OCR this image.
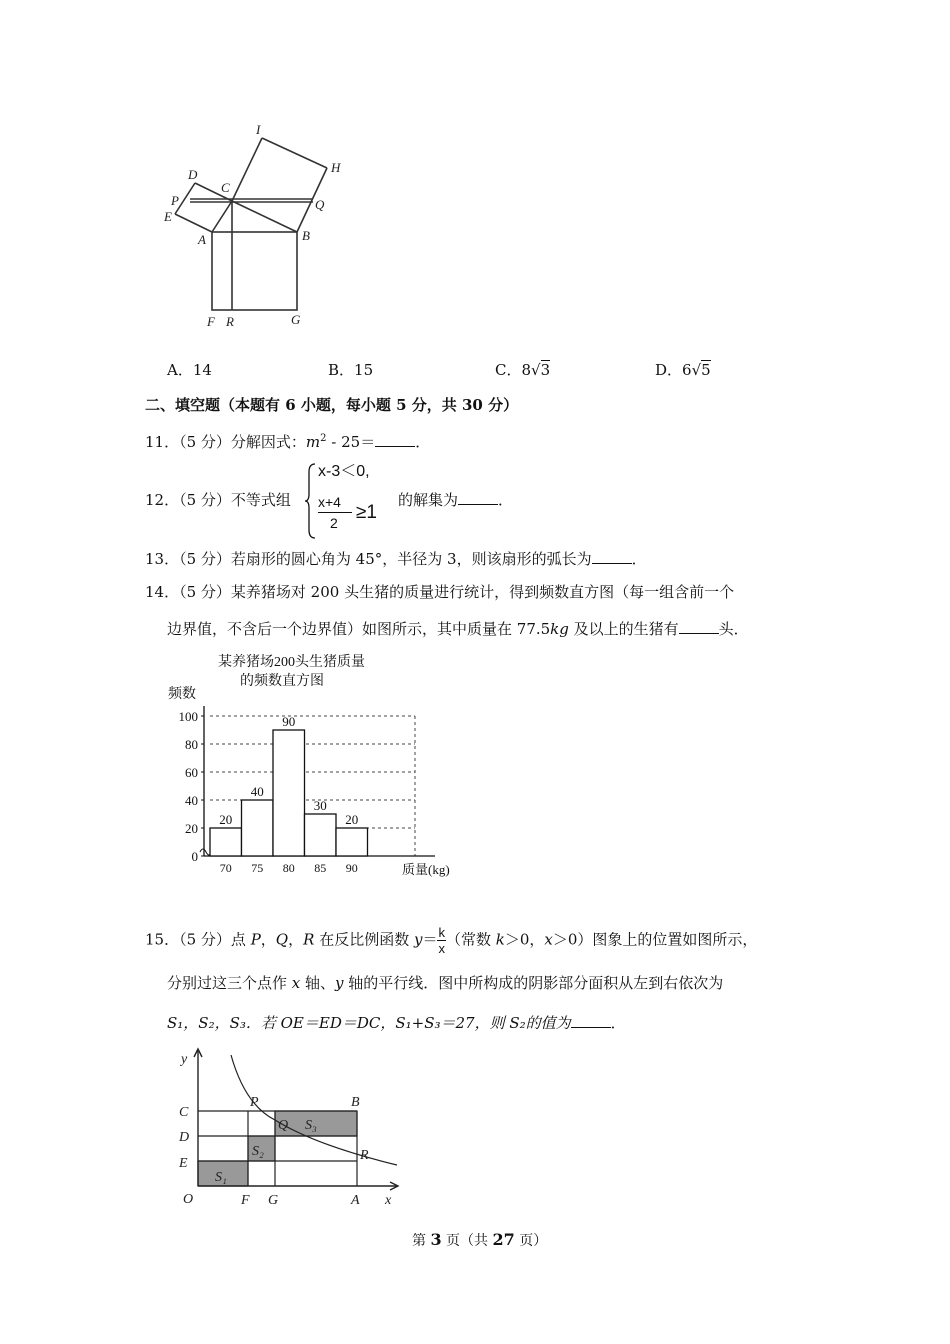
I
H
D
C
P	Q
E
A	B
F R	G
A．14	B．15	C．8√3	D．6√5
二、填空题（本题有 6 小题，每小题 5 分，共 30 分）
11．（5 分）分解因式：$m^2 - 25=$	．
12．（5 分）不等式组
x-3＜0,
x+4
2 ≥1
的解集为	．
13．（5 分）若扇形的圆心角为 45°，半径为 3，则该扇形的弧长为	．
14．（5 分）某养猪场对 200 头生猪的质量进行统计，得到频数直方图（每一组含前一个
边界值，不含后一个边界值）如图所示，其中质量在 77.5kg 及以上的生猪有	头．
某养猪场200头生猪质量
的频数直方图
频数
质量(kg)
100
80
60
40
20
0
20
40
90
30
20
70 75 80 85 90
15．（5 分）点 P，Q，R 在反比例函数 $y= \frac{k}{x}$ （常数 k＞0，x＞0）图象上的位置如图所示，
分别过这三个点作 x 轴、y 轴的平行线．图中所构成的阴影部分面积从左到右依次为
S₁，S₂，S₃．若 OE＝ED＝DC，S₁+S₃＝27，则 S₂的值为	．
y
x
O
C
D
E
F G	A
P
Q
B
R
S₁
S₂
S₃
第 3 页（共 27 页）
